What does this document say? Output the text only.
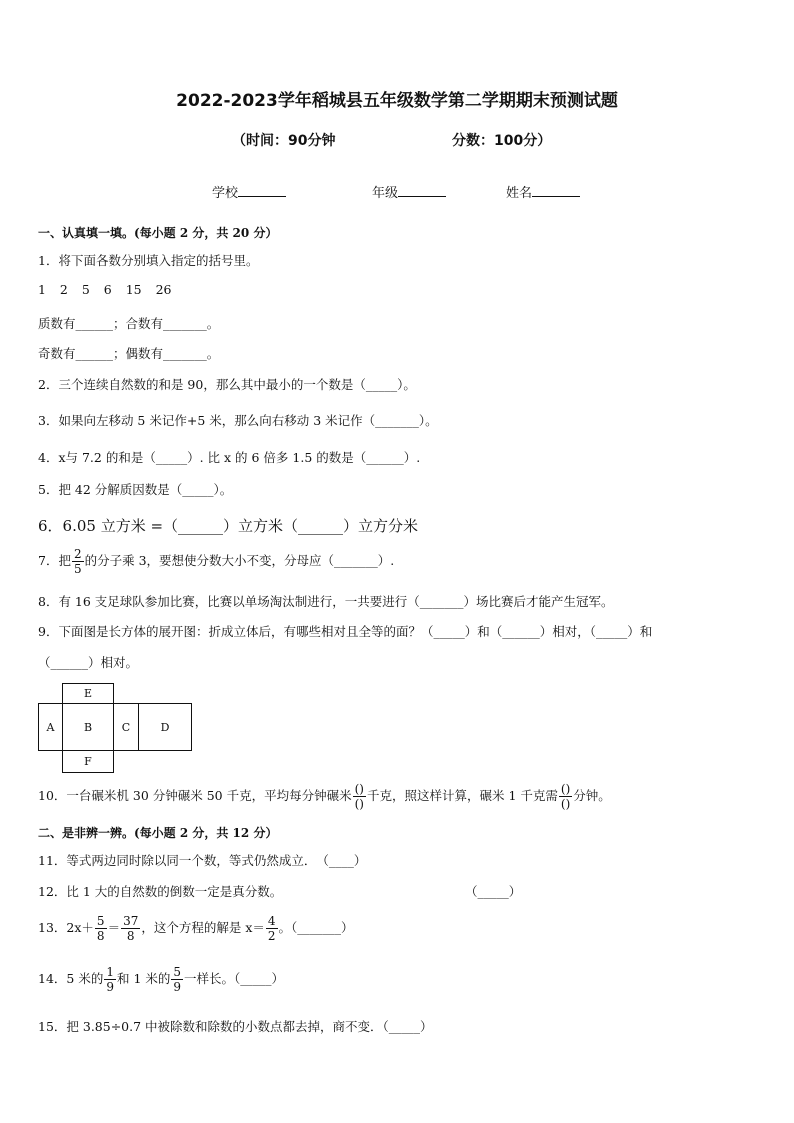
2022-2023学年稻城县五年级数学第二学期期末预测试题
（时间：90分钟	分数：100分）
学校	年级	姓名
一、认真填一填。(每小题 2 分，共 20 分）
1．将下面各数分别填入指定的括号里。
1 2 5 6 15 26
质数有______；合数有_______。
奇数有______；偶数有_______。
2．三个连续自然数的和是 90，那么其中最小的一个数是（_____）。
3．如果向左移动 5 米记作+5 米，那么向右移动 3 米记作（_______）。
4．x与 7.2 的和是（_____）. 比 x 的 6 倍多 1.5 的数是（______）.
5．把 42 分解质因数是（_____）。
6．6.05 立方米 =（______）立方米（______）立方分米
7．把 $\frac{2}{5}$ 的分子乘 3，要想使分数大小不变，分母应（_______）.
8．有 16 支足球队参加比赛，比赛以单场淘汰制进行，一共要进行（_______）场比赛后才能产生冠军。
9．下面图是长方体的展开图：折成立体后，有哪些相对且全等的面？（_____）和（______）相对，（_____）和
（______）相对。
E
A	B	C	D
F
10．一台碾米机 30 分钟碾米 50 千克，平均每分钟碾米 $\frac{()}{()}$ 千克，照这样计算，碾米 1 千克需 $\frac{()}{()}$ 分钟。
二、是非辨一辨。(每小题 2 分，共 12 分）
11．等式两边同时除以同一个数，等式仍然成立．　（____）
12．比 1 大的自然数的倒数一定是真分数。	（_____）
13．$2x+ \frac{5}{8} = \frac{37}{8}$ ，这个方程的解是 $x= \frac{4}{2}$ 。（_______）
14．5 米的 $\frac{1}{9}$ 和 1 米的 $\frac{5}{9}$ 一样长。（_____）
15．把 3.85÷0.7 中被除数和除数的小数点都去掉，商不变．（_____）
